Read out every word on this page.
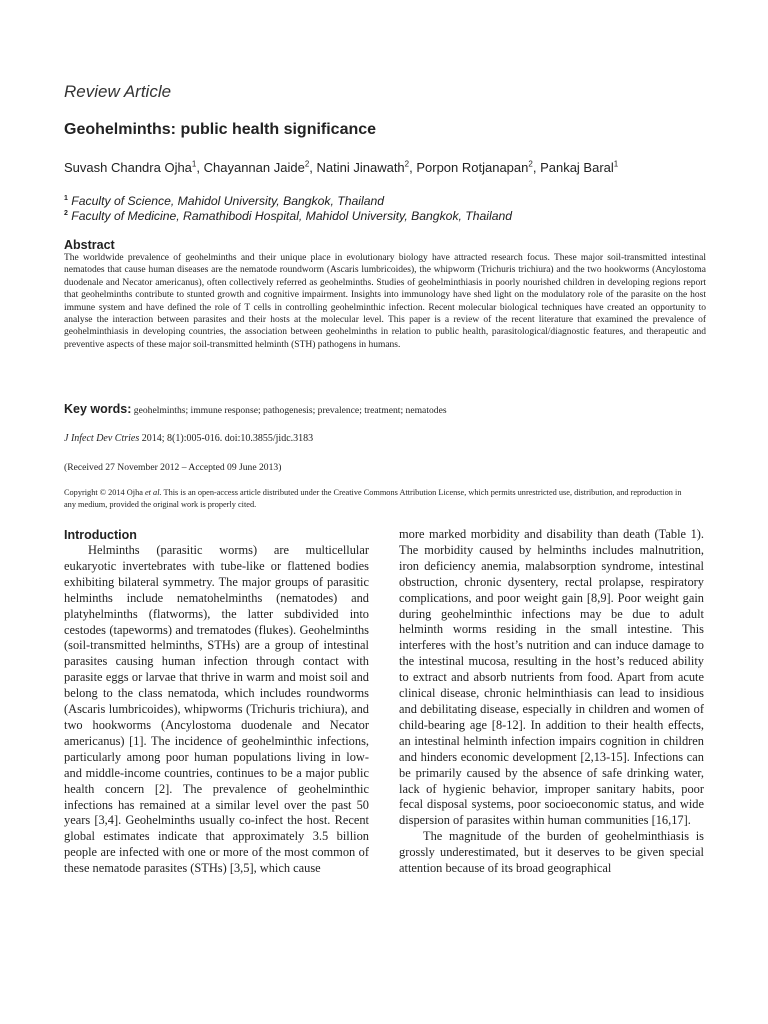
Review Article
Geohelminths: public health significance
Suvash Chandra Ojha$^1$, Chayannan Jaide$^2$, Natini Jinawath$^2$, Porpon Rotjanapan$^2$, Pankaj Baral$^1$
$^1$ Faculty of Science, Mahidol University, Bangkok, Thailand
$^2$ Faculty of Medicine, Ramathibodi Hospital, Mahidol University, Bangkok, Thailand
Abstract
The worldwide prevalence of geohelminths and their unique place in evolutionary biology have attracted research focus. These major soil-transmitted intestinal nematodes that cause human diseases are the nematode roundworm (Ascaris lumbricoides), the whipworm (Trichuris trichiura) and the two hookworms (Ancylostoma duodenale and Necator americanus), often collectively referred as geohelminths. Studies of geohelminthiasis in poorly nourished children in developing regions report that geohelminths contribute to stunted growth and cognitive impairment. Insights into immunology have shed light on the modulatory role of the parasite on the host immune system and have defined the role of T cells in controlling geohelminthic infection. Recent molecular biological techniques have created an opportunity to analyse the interaction between parasites and their hosts at the molecular level. This paper is a review of the recent literature that examined the prevalence of geohelminthiasis in developing countries, the association between geohelminths in relation to public health, parasitological/diagnostic features, and therapeutic and preventive aspects of these major soil-transmitted helminth (STH) pathogens in humans.
Key words: geohelminths; immune response; pathogenesis; prevalence; treatment; nematodes
J Infect Dev Ctries 2014; 8(1):005-016. doi:10.3855/jidc.3183
(Received 27 November 2012 – Accepted 09 June 2013)
Copyright © 2014 Ojha et al. This is an open-access article distributed under the Creative Commons Attribution License, which permits unrestricted use, distribution, and reproduction in any medium, provided the original work is properly cited.
Introduction

Helminths (parasitic worms) are multicellular eukaryotic invertebrates with tube-like or flattened bodies exhibiting bilateral symmetry. The major groups of parasitic helminths include nematohelminths (nematodes) and platyhelminths (flatworms), the latter subdivided into cestodes (tapeworms) and trematodes (flukes). Geohelminths (soil-transmitted helminths, STHs) are a group of intestinal parasites causing human infection through contact with parasite eggs or larvae that thrive in warm and moist soil and belong to the class nematoda, which includes roundworms (Ascaris lumbricoides), whipworms (Trichuris trichiura), and two hookworms (Ancylostoma duodenale and Necator americanus) [1]. The incidence of geohelminthic infections, particularly among poor human populations living in low- and middle-income countries, continues to be a major public health concern [2]. The prevalence of geohelminthic infections has remained at a similar level over the past 50 years [3,4]. Geohelminths usually co-infect the host. Recent global estimates indicate that approximately 3.5 billion people are infected with one or more of the most common of these nematode parasites (STHs) [3,5], which cause

more marked morbidity and disability than death (Table 1). The morbidity caused by helminths includes malnutrition, iron deficiency anemia, malabsorption syndrome, intestinal obstruction, chronic dysentery, rectal prolapse, respiratory complications, and poor weight gain [8,9]. Poor weight gain during geohelminthic infections may be due to adult helminth worms residing in the small intestine. This interferes with the host’s nutrition and can induce damage to the intestinal mucosa, resulting in the host’s reduced ability to extract and absorb nutrients from food. Apart from acute clinical disease, chronic helminthiasis can lead to insidious and debilitating disease, especially in children and women of child-bearing age [8-12]. In addition to their health effects, an intestinal helminth infection impairs cognition in children and hinders economic development [2,13-15]. Infections can be primarily caused by the absence of safe drinking water, lack of hygienic behavior, improper sanitary habits, poor fecal disposal systems, poor socioeconomic status, and wide dispersion of parasites within human communities [16,17].

The magnitude of the burden of geohelminthiasis is grossly underestimated, but it deserves to be given special attention because of its broad geographical
